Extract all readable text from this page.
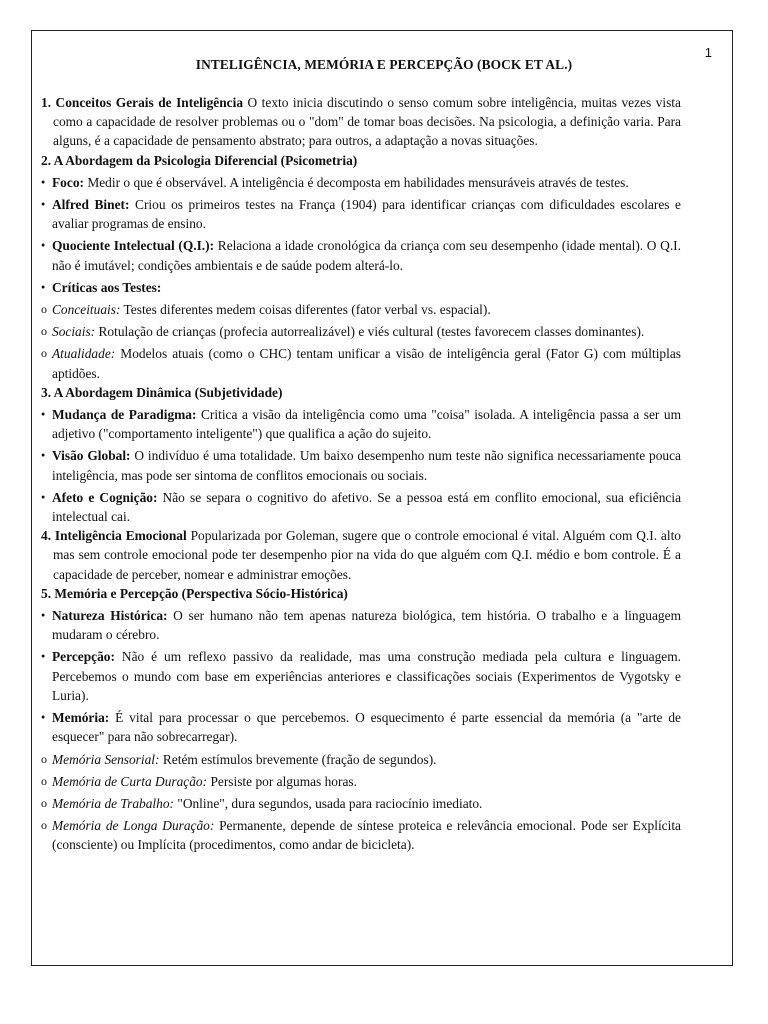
1
INTELIGÊNCIA, MEMÓRIA E PERCEPÇÃO (BOCK ET AL.)

1. Conceitos Gerais de Inteligência O texto inicia discutindo o senso comum sobre inteligência, muitas vezes vista como a capacidade de resolver problemas ou o "dom" de tomar boas decisões. Na psicologia, a definição varia. Para alguns, é a capacidade de pensamento abstrato; para outros, a adaptação a novas situações.

2. A Abordagem da Psicologia Diferencial (Psicometria)
● Foco: Medir o que é observável. A inteligência é decomposta em habilidades mensuráveis através de testes.
● Alfred Binet: Criou os primeiros testes na França (1904) para identificar crianças com dificuldades escolares e avaliar programas de ensino.
● Quociente Intelectual (Q.I.): Relaciona a idade cronológica da criança com seu desempenho (idade mental). O Q.I. não é imutável; condições ambientais e de saúde podem alterá-lo.
● Críticas aos Testes:
o Conceituais: Testes diferentes medem coisas diferentes (fator verbal vs. espacial).
o Sociais: Rotulação de crianças (profecia autorrealizável) e viés cultural (testes favorecem classes dominantes).
o Atualidade: Modelos atuais (como o CHC) tentam unificar a visão de inteligência geral (Fator G) com múltiplas aptidões.
3. A Abordagem Dinâmica (Subjetividade)
● Mudança de Paradigma: Critica a visão da inteligência como uma "coisa" isolada. A inteligência passa a ser um adjetivo ("comportamento inteligente") que qualifica a ação do sujeito.
● Visão Global: O indivíduo é uma totalidade. Um baixo desempenho num teste não significa necessariamente pouca inteligência, mas pode ser sintoma de conflitos emocionais ou sociais.
● Afeto e Cognição: Não se separa o cognitivo do afetivo. Se a pessoa está em conflito emocional, sua eficiência intelectual cai.

4. Inteligência Emocional Popularizada por Goleman, sugere que o controle emocional é vital. Alguém com Q.I. alto mas sem controle emocional pode ter desempenho pior na vida do que alguém com Q.I. médio e bom controle. É a capacidade de perceber, nomear e administrar emoções.

5. Memória e Percepção (Perspectiva Sócio-Histórica)
● Natureza Histórica: O ser humano não tem apenas natureza biológica, tem história. O trabalho e a linguagem mudaram o cérebro.
● Percepção: Não é um reflexo passivo da realidade, mas uma construção mediada pela cultura e linguagem. Percebemos o mundo com base em experiências anteriores e classificações sociais (Experimentos de Vygotsky e Luria).
● Memória: É vital para processar o que percebemos. O esquecimento é parte essencial da memória (a "arte de esquecer" para não sobrecarregar).
o Memória Sensorial: Retém estímulos brevemente (fração de segundos).
o Memória de Curta Duração: Persiste por algumas horas.
o Memória de Trabalho: "Online", dura segundos, usada para raciocínio imediato.
o Memória de Longa Duração: Permanente, depende de síntese proteica e relevância emocional. Pode ser Explícita (consciente) ou Implícita (procedimentos, como andar de bicicleta).
